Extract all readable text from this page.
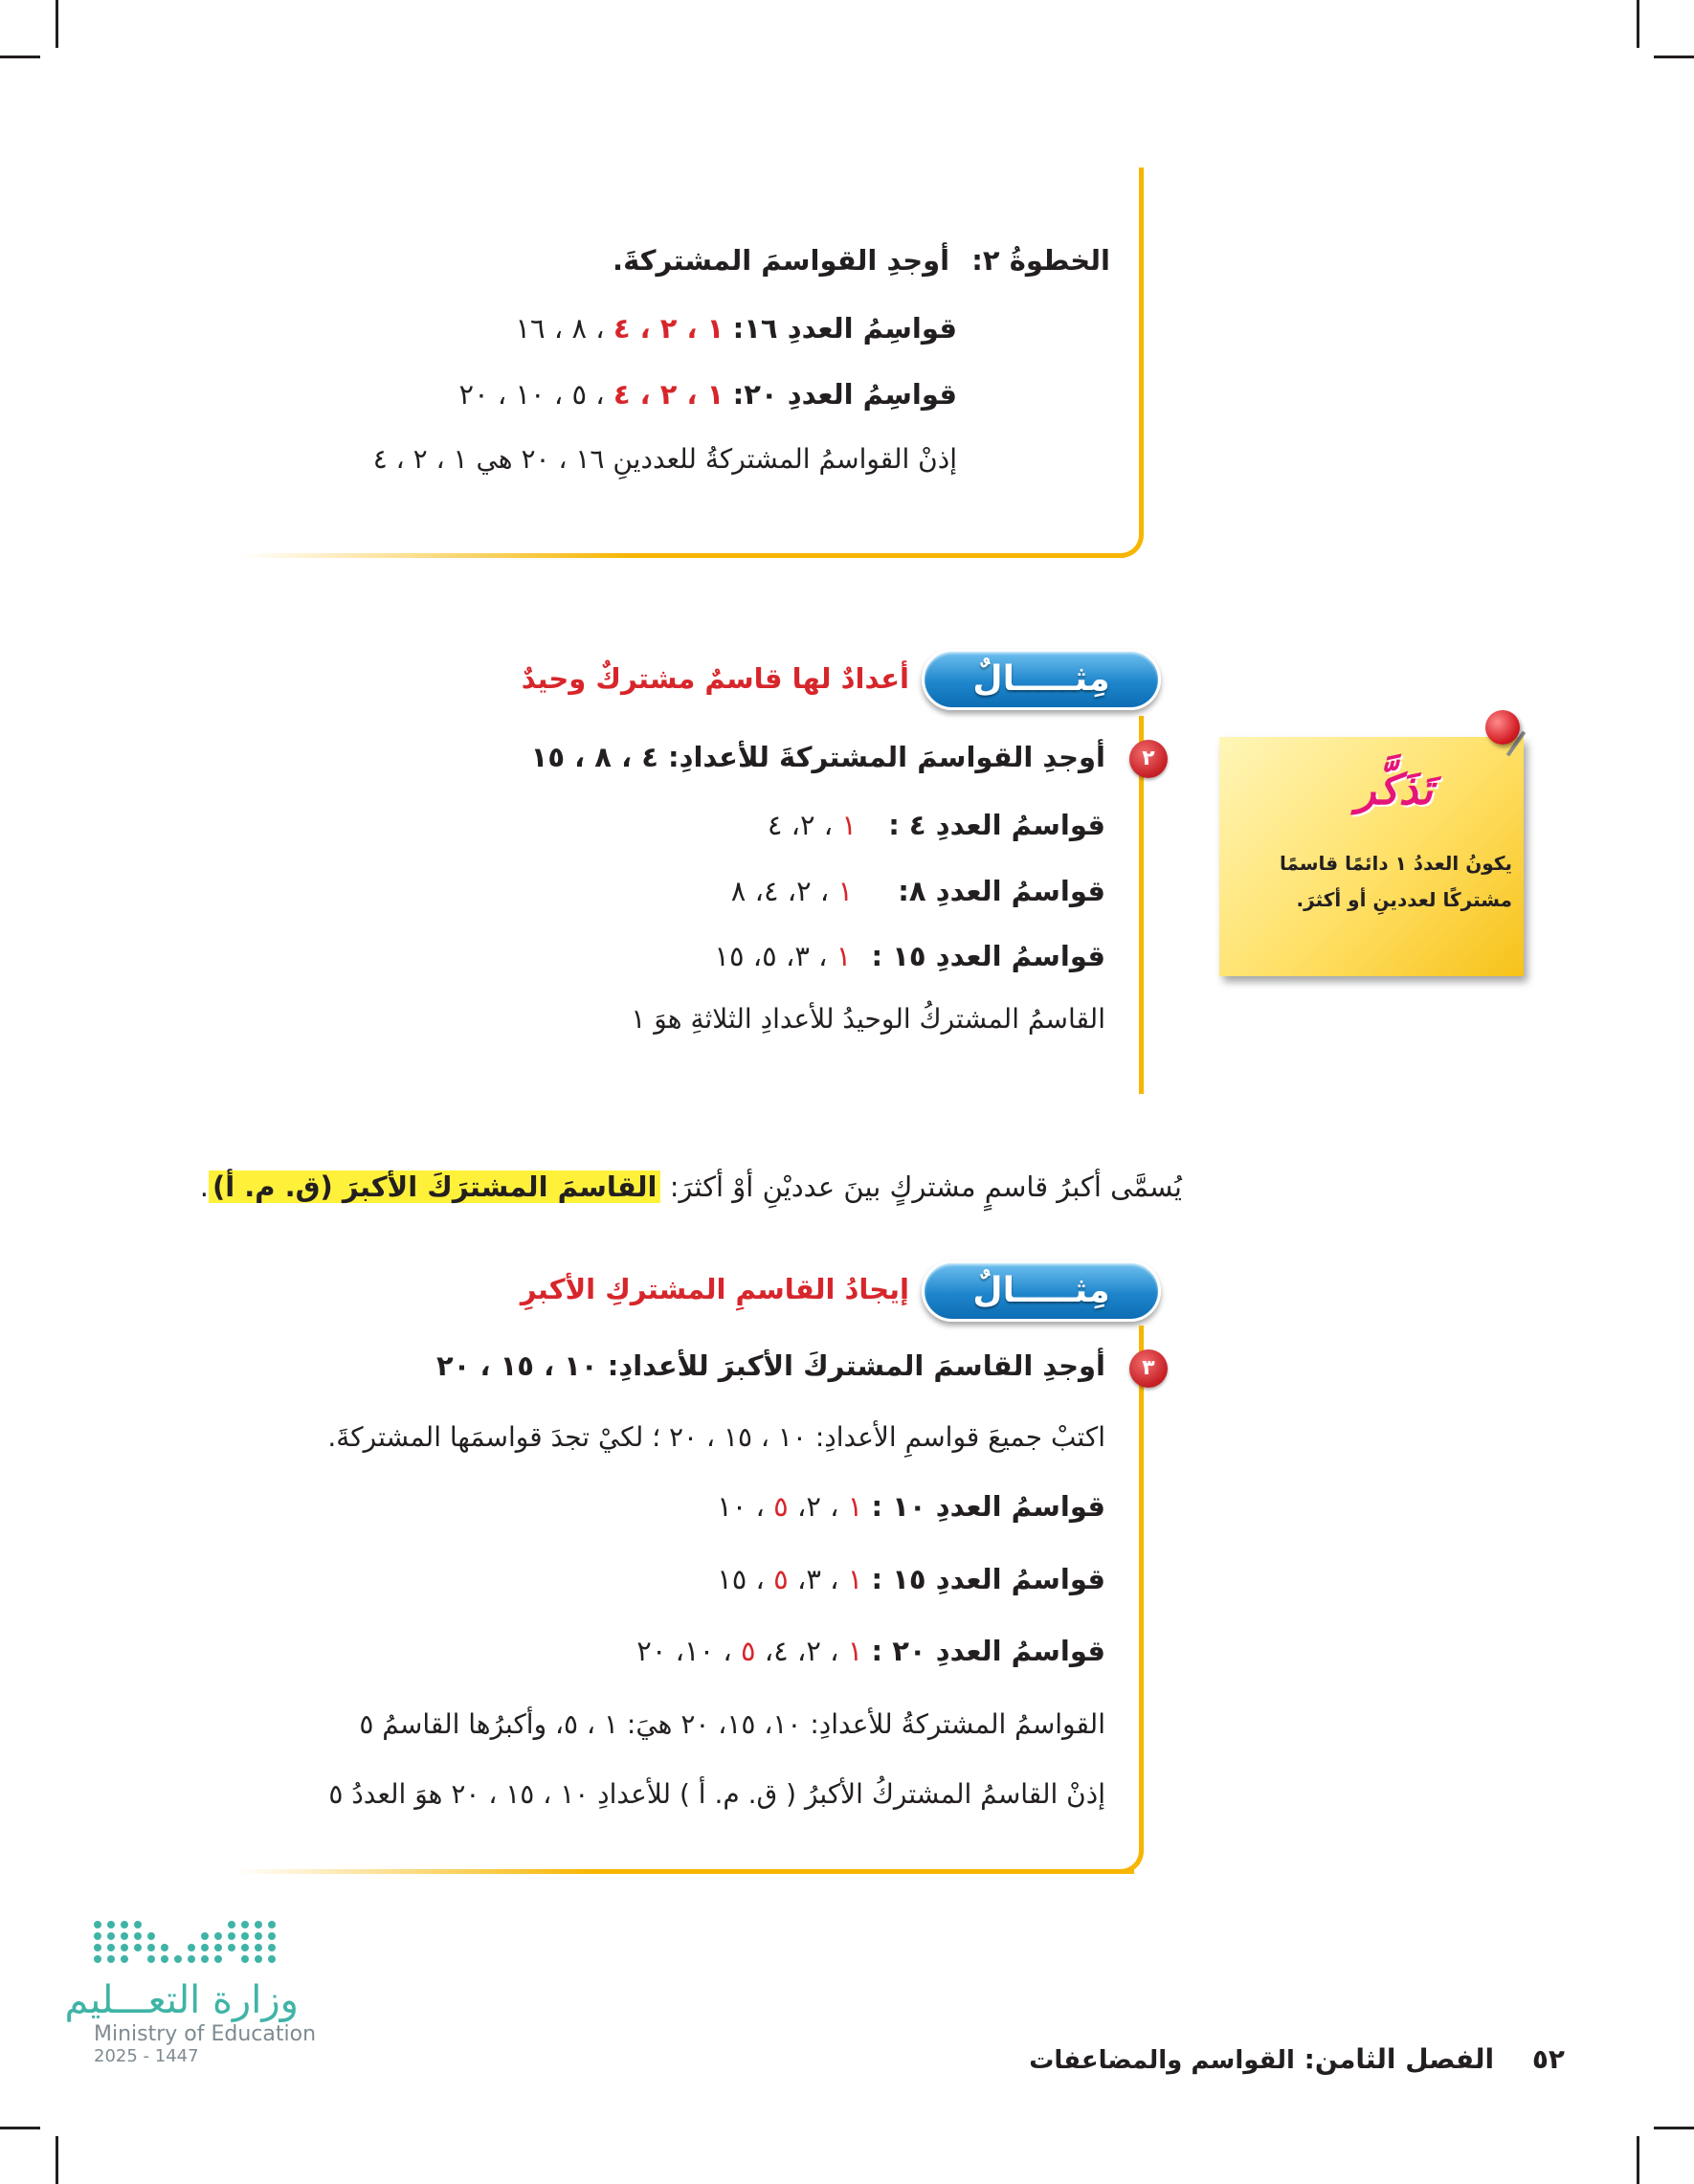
الخطوةُ ٢: أوجدِ القواسمَ المشتركةَ.
قواسِمُ العددِ ١٦: ١ ، ٢ ، ٤ ، ٨ ، ١٦
قواسِمُ العددِ ٢٠: ١ ، ٢ ، ٤ ، ٥ ، ١٠ ، ٢٠
إذنْ القواسمُ المشتركةُ للعددينِ ١٦ ، ٢٠ هي ١ ، ٢ ، ٤
مِثـــــالٌ
أعدادٌ لها قاسمٌ مشتركٌ وحيدٌ
٢
أوجدِ القواسمَ المشتركةَ للأعدادِ: ٤ ، ٨ ، ١٥
قواسمُ العددِ ٤ : ١ ، ٢، ٤
قواسمُ العددِ ٨: ١ ، ٢، ٤، ٨
قواسمُ العددِ ١٥ : ١ ، ٣، ٥، ١٥
القاسمُ المشتركُ الوحيدُ للأعدادِ الثلاثةِ هوَ ١
تَذَكَّر
يكونُ العددُ ١ دائمًا قاسمًا
مشتركًا لعددينِ أو أكثرَ.
يُسمَّى أكبرُ قاسمٍ مشتركٍ بينَ عدديْنِ أوْ أكثرَ: القاسمَ المشترَكَ الأكبرَ (ق. م. أ).
مِثـــــالٌ
إيجادُ القاسمِ المشتركِ الأكبرِ
٣
أوجدِ القاسمَ المشتركَ الأكبرَ للأعدادِ: ١٠ ، ١٥ ، ٢٠
اكتبْ جميعَ قواسمِ الأعدادِ: ١٠ ، ١٥ ، ٢٠ ؛ لكيْ تجدَ قواسمَها المشتركةَ.
قواسمُ العددِ ١٠ : ١ ، ٢، ٥ ، ١٠
قواسمُ العددِ ١٥ : ١ ، ٣، ٥ ، ١٥
قواسمُ العددِ ٢٠ : ١ ، ٢، ٤، ٥ ، ١٠، ٢٠
القواسمُ المشتركةُ للأعدادِ: ١٠، ١٥، ٢٠ هيَ: ١ ، ٥، وأكبرُها القاسمُ ٥
إذنْ القاسمُ المشتركُ الأكبرُ ( ق. م. أ ) للأعدادِ ١٠ ، ١٥ ، ٢٠ هوَ العددُ ٥
وزارة التعـــليم
Ministry of Education
2025 - 1447	٥٢ الفصل الثامن: القواسم والمضاعفات
